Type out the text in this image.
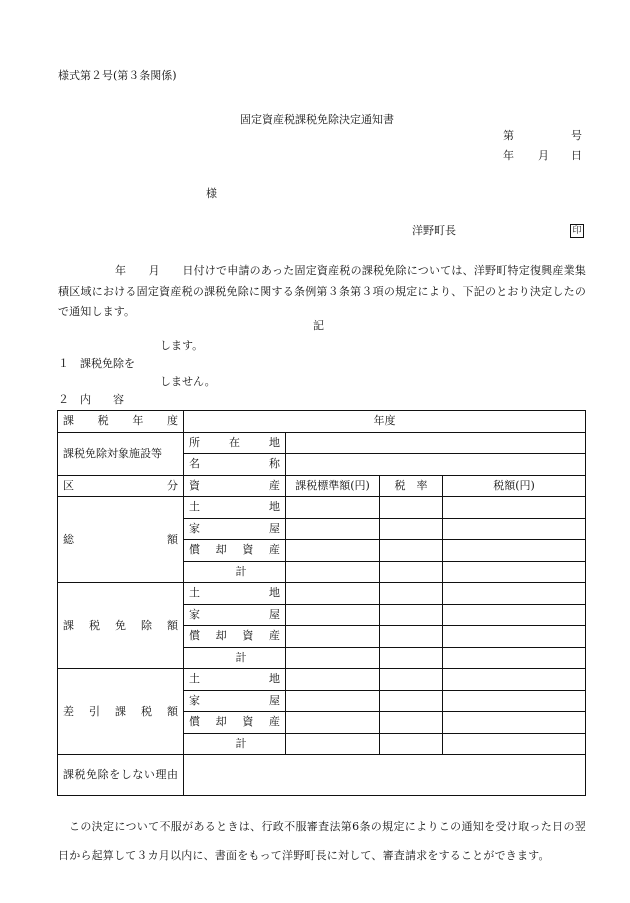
様式第２号(第３条関係)
固定資産税課税免除決定通知書
第	号
年 月 日
様
洋野町長	印
年　　月　　日付けで申請のあった固定資産税の課税免除については、洋野町特定復興産業集積区域における固定資産税の課税免除に関する条例第３条第３項の規定により、下記のとおり決定したので通知します。
記
します。
１ 課税免除を
しません。
２ 内　　容
課税年度	年度			
課税免除対象施設等	所在地			
	名称			
区分	資産	課税標準額(円)	税　率	税額(円)
総額	土地			
	家屋			
	償却資産			
	計			
課税免除額	土地			
	家屋			
	償却資産			
	計			
差引課税額	土地			
	家屋			
	償却資産			
	計			
課税免除をしない理由				
この決定について不服があるときは、行政不服審査法第6条の規定によりこの通知を受け取った日の翌日から起算して３カ月以内に、書面をもって洋野町長に対して、審査請求をすることができます。
